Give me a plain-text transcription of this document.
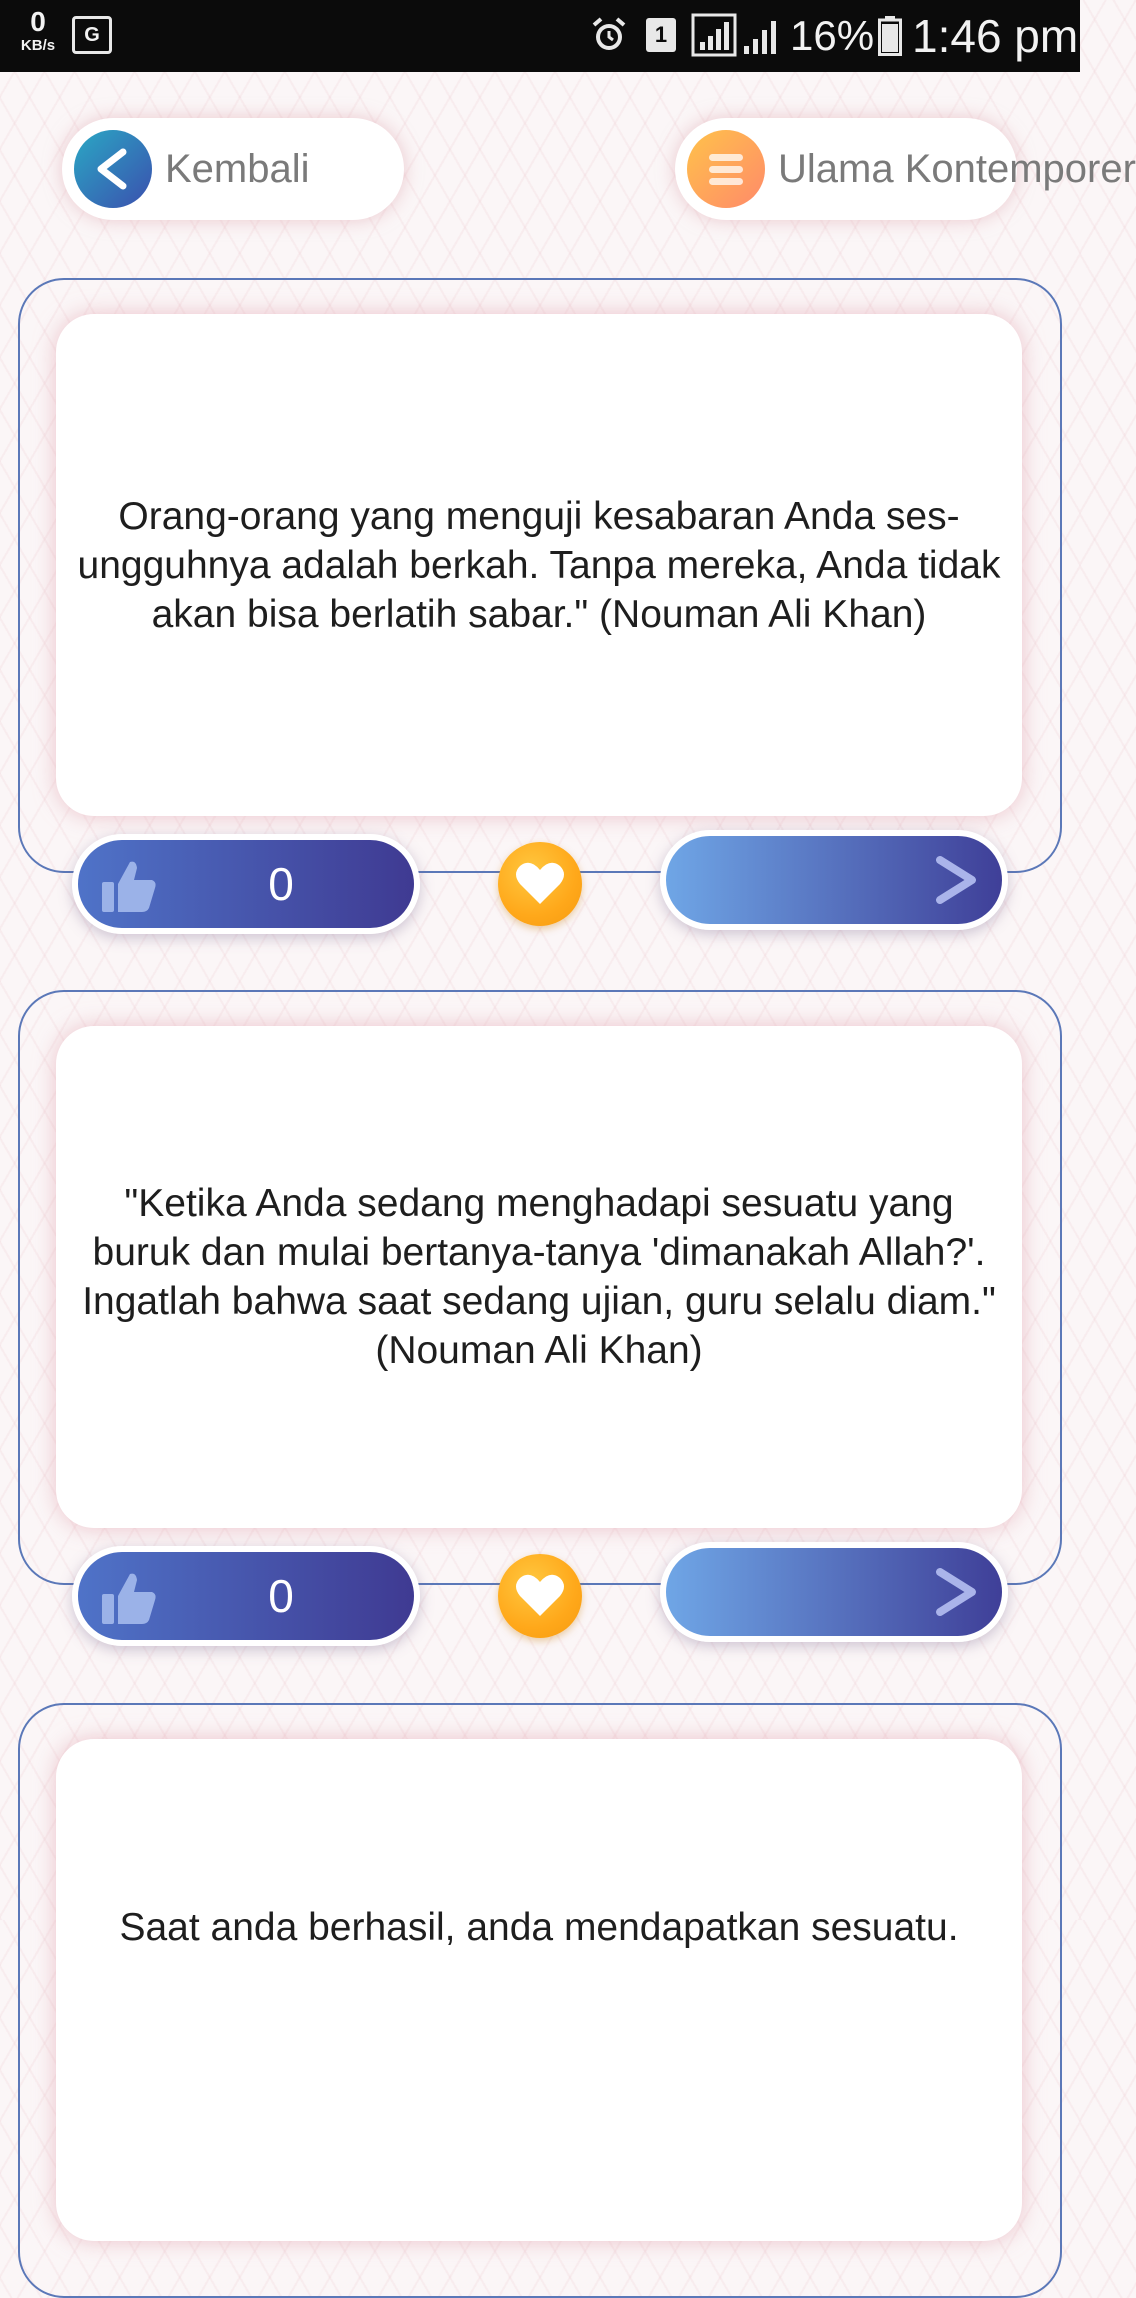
0
KB/s	G	1	16% 1:46 pm
Kembali	Ulama Kontemporer

Orang-orang yang menguji kesabaran Anda ses-ungguhnya adalah berkah. Tanpa mereka, Anda tidak akan bisa berlatih sabar." (Nouman Ali Khan)

0

"Ketika Anda sedang menghadapi sesuatu yang buruk dan mulai bertanya-tanya 'dimanakah Allah?'. Ingatlah bahwa saat sedang ujian, guru selalu diam." (Nouman Ali Khan)

0

Saat anda berhasil, anda mendapatkan sesuatu.
